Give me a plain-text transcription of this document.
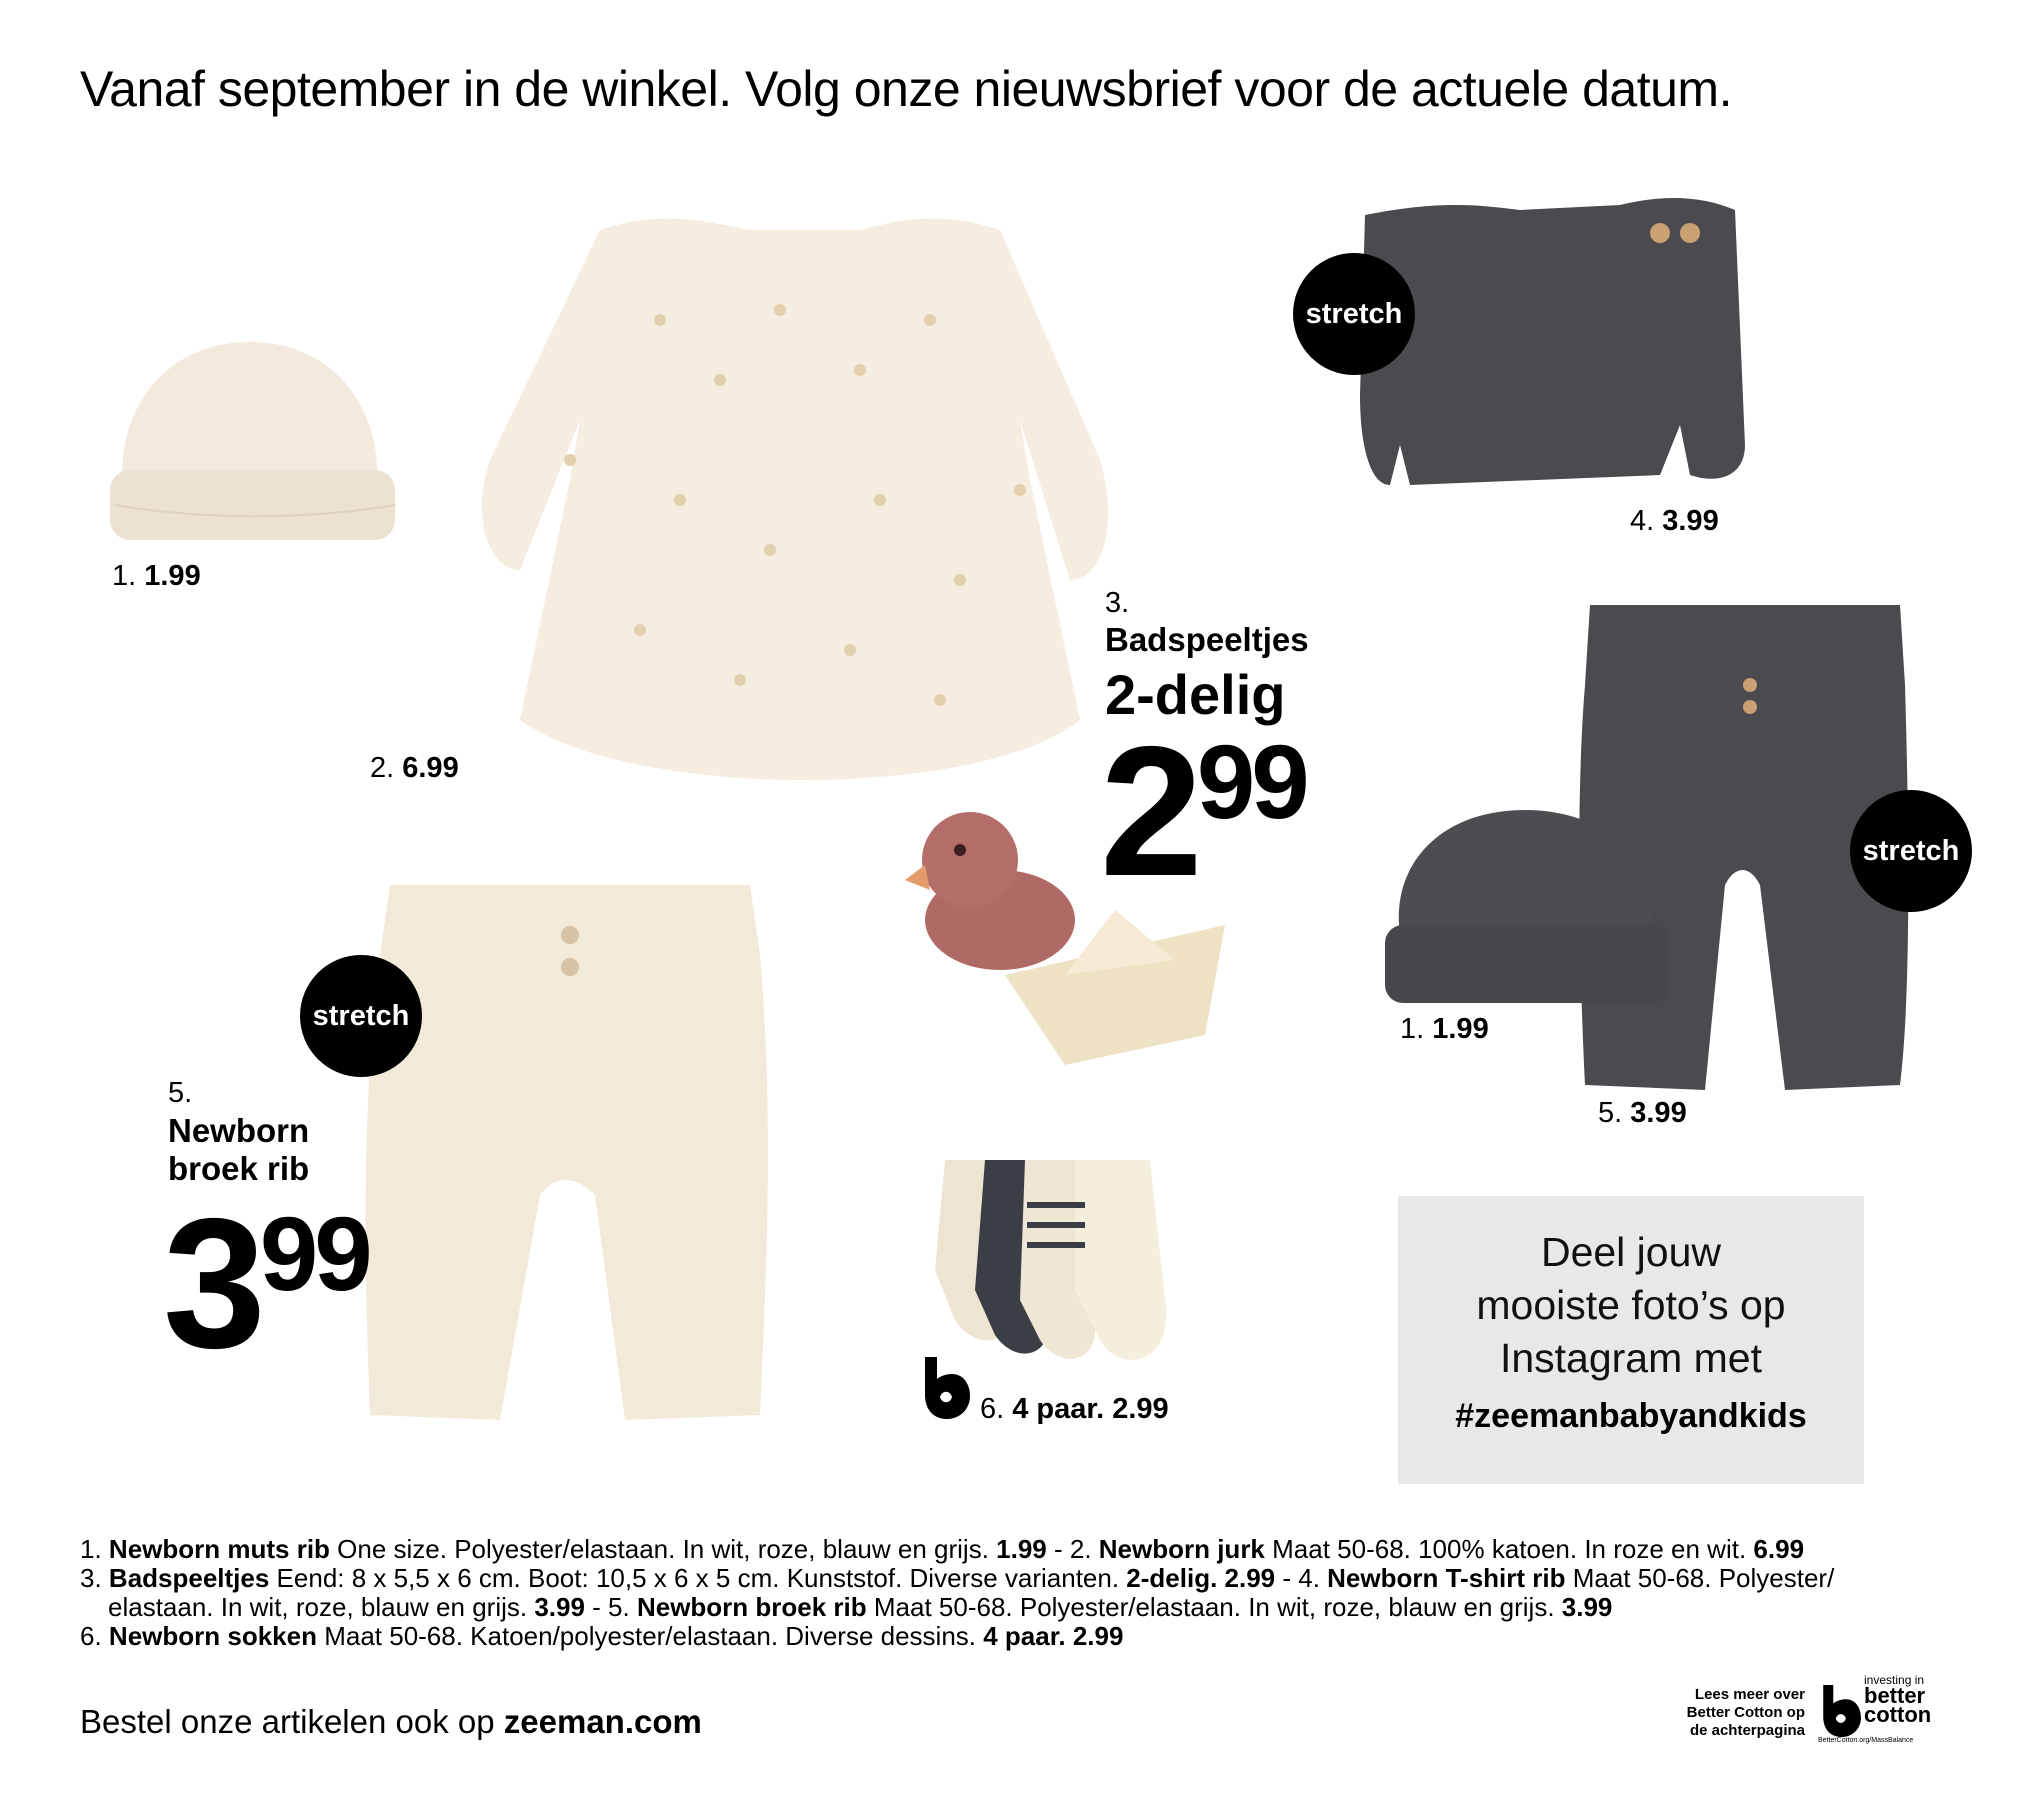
Vanaf september in de winkel. Volg onze nieuwsbrief voor de actuele datum.
1. 1.99
2. 6.99
stretch
4. 3.99
3.
Badspeeltjes
2-delig
299
stretch
5.
Newborn
broek rib
399
stretch
1. 1.99
5. 3.99
6. 4 paar. 2.99
Deel jouw
mooiste foto’s op
Instagram met
#zeemanbabyandkids

1. Newborn muts rib One size. Polyester/elastaan. In wit, roze, blauw en grijs. 1.99 - 2. Newborn jurk Maat 50-68. 100% katoen. In roze en wit. 6.99

3. Badspeeltjes Eend: 8 x 5,5 x 6 cm. Boot: 10,5 x 6 x 5 cm. Kunststof. Diverse varianten. 2-delig. 2.99 - 4. Newborn T-shirt rib Maat 50-68. Polyester/

elastaan. In wit, roze, blauw en grijs. 3.99 - 5. Newborn broek rib Maat 50-68. Polyester/elastaan. In wit, roze, blauw en grijs. 3.99

6. Newborn sokken Maat 50-68. Katoen/polyester/elastaan. Diverse dessins. 4 paar. 2.99

Bestel onze artikelen ook op zeeman.com
Lees meer over
Better Cotton op
de achterpagina
investing in
better
cotton
BetterCotton.org/MassBalance
